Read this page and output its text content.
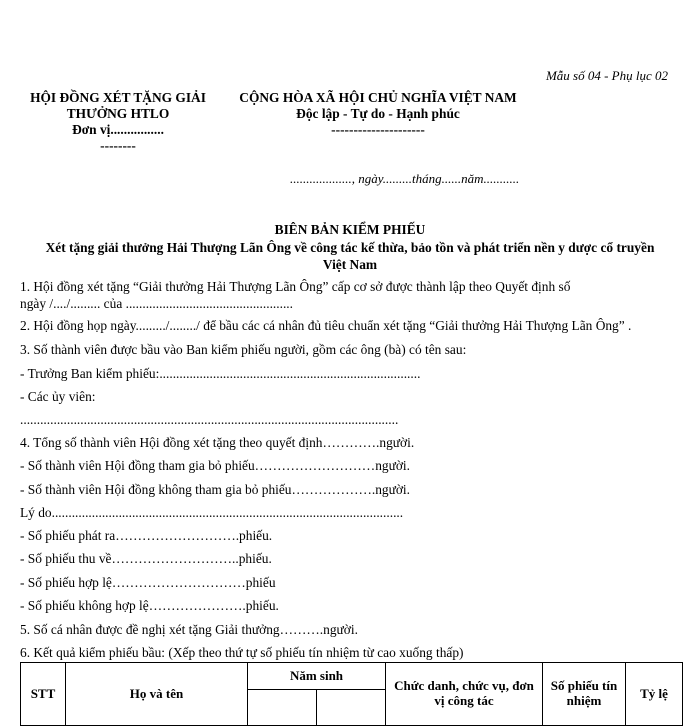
Mẫu số 04 - Phụ lục 02
HỘI ĐỒNG XÉT TẶNG GIẢI
THƯỞNG HTLO
Đơn vị................
--------
CỘNG HÒA XÃ HỘI CHỦ NGHĨA VIỆT NAM
Độc lập - Tự do - Hạnh phúc
---------------------
..................., ngày.........tháng......năm...........
BIÊN BẢN KIỂM PHIẾU
Xét tặng giải thưởng Hải Thượng Lãn Ông về công tác kế thừa, bảo tồn và phát triển nền y dược cổ truyền
Việt Nam
1. Hội đồng xét tặng “Giải thưởng Hải Thượng Lãn Ông” cấp cơ sở được thành lập theo Quyết định số
ngày /..../......... của ..................................................
2. Hội đồng họp ngày........./......../ để bầu các cá nhân đủ tiêu chuẩn xét tặng “Giải thưởng Hải Thượng Lãn Ông” .
3. Số thành viên được bầu vào Ban kiểm phiếu người, gồm các ông (bà) có tên sau:
- Trưởng Ban kiểm phiếu:..............................................................................
- Các ủy viên:
.................................................................................................................
4. Tổng số thành viên Hội đồng xét tặng theo quyết định………….người.
- Số thành viên Hội đồng tham gia bỏ phiếu………………………người.
- Số thành viên Hội đồng không tham gia bỏ phiếu……………….người.
Lý do.........................................................................................................
- Số phiếu phát ra……………………….phiếu.
- Số phiếu thu về………………………..phiếu.
- Số phiếu hợp lệ…………………………phiếu
- Số phiếu không hợp lệ………………….phiếu.
5. Số cá nhân được đề nghị xét tặng Giải thưởng……….người.
6. Kết quả kiểm phiếu bầu: (Xếp theo thứ tự số phiếu tín nhiệm từ cao xuống thấp)
STT	Họ và tên	Năm sinh		Chức danh, chức vụ, đơn vị công tác	Số phiếu tín nhiệm	Tỷ lệ
